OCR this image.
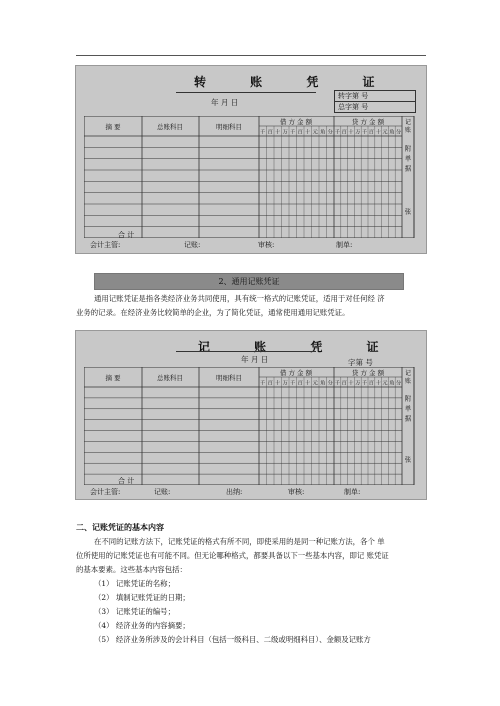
转 账 凭 证
年 月 日
转字第 号
总字第 号
千 百 十 万 千 百 十 元 角 分 千 百 十 万 千 百 十 元 角 分
摘 要	总账科目	明细科目
借 方 金 额	贷 方 金 额	记
账
附
单
据
张
合 计
会计主管:	记账:	审核:	制单:
2、通用记账凭证
通用记账凭证是指各类经济业务共同使用，具有统一格式的记账凭证，适用于对任何经 济
业务的记录。在经济业务比较简单的企业，为了简化凭证，通常使用通用记账凭证。
记 账 凭 证
年 月 日	字第 号
千 百 十 万 千 百 十 元 角 分 千 百 十 万 千 百 十 元 角 分
摘 要	总账科目	明细科目
借 方 金 额	贷 方 金 额	记
账
附
单
据
张
合 计
会计主管:	记账:	出纳:	审核:	制单:
二、记账凭证的基本内容
在不同的记账方法下，记账凭证的格式有所不同，即使采用的是同一种记账方法，各个 单
位所使用的记账凭证也有可能不同。但无论哪种格式，都要具备以下一些基本内容，即记 账凭证
的基本要素。这些基本内容包括：
（1） 记账凭证的名称；
（2） 填制记账凭证的日期；
（3） 记账凭证的编号；
（4） 经济业务的内容摘要；
（5） 经济业务所涉及的会计科目（包括一级科目、二级或明细科目）、金额及记账方
